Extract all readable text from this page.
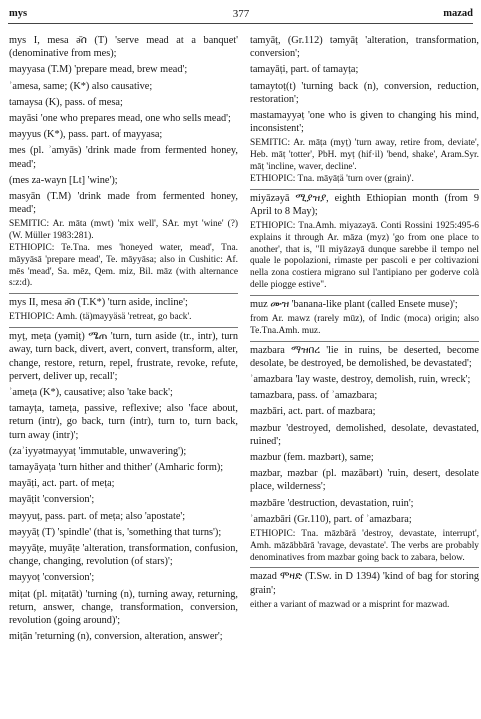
mys	377	mazad
mys I, mesa ǝ̄ሰ (T) 'serve mead at a banquet' (denominative from mes);
mayyasa (T.M) 'prepare mead, brew mead';
ʾamesa, same; (K*) also causative;
tamaysa (K), pass. of mesa;
mayāsi 'one who prepares mead, one who sells mead';
mǝyyus (K*), pass. part. of mayyasa;
mes (pl. ʾamyās) 'drink made from fermented honey, mead';
(mes za-wayn [Lt] 'wine');
masyān (T.M) 'drink made from fermented honey, mead';
SEMITIC: Ar. māta (mwt) 'mix well', SAr. myt 'wine' (?) (W. Müller 1983:281).
ETHIOPIC: Te.Tna. mes 'honeyed water, mead', Tna. māyyāsā 'prepare mead', Te. māyyāsa; also in Cushitic: Af. mēs 'mead', Sa. mēz, Qem. miz, Bil. māz (with alternance s:z:d).
mys II, mesa ǝ̄ሰ (T.K*) 'turn aside, incline';
ETHIOPIC: Amh. (tä)mayyäsä 'retreat, go back'.
myṭ, meṭa (yǝmiṭ) ሜጠ 'turn, turn aside (tr., intr), turn away, turn back, divert, avert, convert, transform, alter, change, restore, return, repel, frustrate, revoke, refute, pervert, deliver up, recall';
ʾameṭa (K*), causative; also 'take back';
tamayṭa, tameṭa, passive, reflexive; also 'face about, return (intr), go back, turn (intr), turn to, turn back, turn away (intr)';
(zaʾiyyǝtmayyaṭ 'immutable, unwavering');
tamayāyaṭa 'turn hither and thither' (Amharic form);
mayāṭi, act. part. of meṭa;
mayāṭit 'conversion';
mǝyyuṭ, pass. part. of meṭa; also 'apostate';
mǝyyāṭ (T) 'spindle' (that is, 'something that turns');
mǝyyāṭe, muyāṭe 'alteration, transformation, confusion, change, changing, revolution (of stars)';
mayyoṭ 'conversion';
miṭat (pl. miṭatāt) 'turning (n), turning away, returning, return, answer, change, transformation, conversion, revolution (going around)';
miṭān 'returning (n), conversion, alteration, answer';
tamyāṭ, (Gr.112) tǝmyāṭ 'alteration, transformation, conversion';
tamayāṭi, part. of tamayṭa;
tamaytoṭ(t) 'turning back (n), conversion, reduction, restoration';
mastamayyǝṭ 'one who is given to changing his mind, inconsistent';
SEMITIC: Ar. māṭa (myṭ) 'turn away, retire from, deviate', Heb. māṭ 'totter', PbH. myṭ (hif·il) 'bend, shake', Aram.Syr. māṭ 'incline, waver, decline'.
ETHIOPIC: Tna. māyāṭä 'turn over (grain)'.
miyāzǝyā ሚያዝያ, eighth Ethiopian month (from 9 April to 8 May);
ETHIOPIC: Tna.Amh. miyazǝyā. Conti Rossini 1925:495-6 explains it through Ar. māza (myz) 'go from one place to another', that is, "Il miyāzǝyā dunque sarebbe il tempo nel quale le popolazioni, rimaste per pascoli e per coltivazioni nella zona costiera migrano sul l'antipiano per goderve colà delle piogge estive".
muz ሙዝ 'banana-like plant (called Ensete muse)';
from Ar. mawz (rarely mūz), of Indic (moca) origin; also Te.Tna.Amh. muz.
mazbara ማዝበረ 'lie in ruins, be deserted, become desolate, be destroyed, be demolished, be devastated';
ʾamazbara 'lay waste, destroy, demolish, ruin, wreck';
tamazbara, pass. of ʾamazbara;
mazbāri, act. part. of mazbara;
mǝzbur 'destroyed, demolished, desolate, devastated, ruined';
mazbur (fem. mazbǝrt), same;
mazbar, mǝzbar (pl. mazābǝrt) 'ruin, desert, desolate place, wilderness';
mǝzbāre 'destruction, devastation, ruin';
ʾamazbāri (Gr.110), part. of ʾamazbara;
ETHIOPIC: Tna. māzbārä 'destroy, devastate, interrupt', Amh. māzābbārā 'ravage, devastate'. The verbs are probably denominatives from mazbar going back to zabara, below.
mazad ሞዛድ (T.Sw. in D 1394) 'kind of bag for storing grain';
either a variant of mazwad or a misprint for mazwad.
